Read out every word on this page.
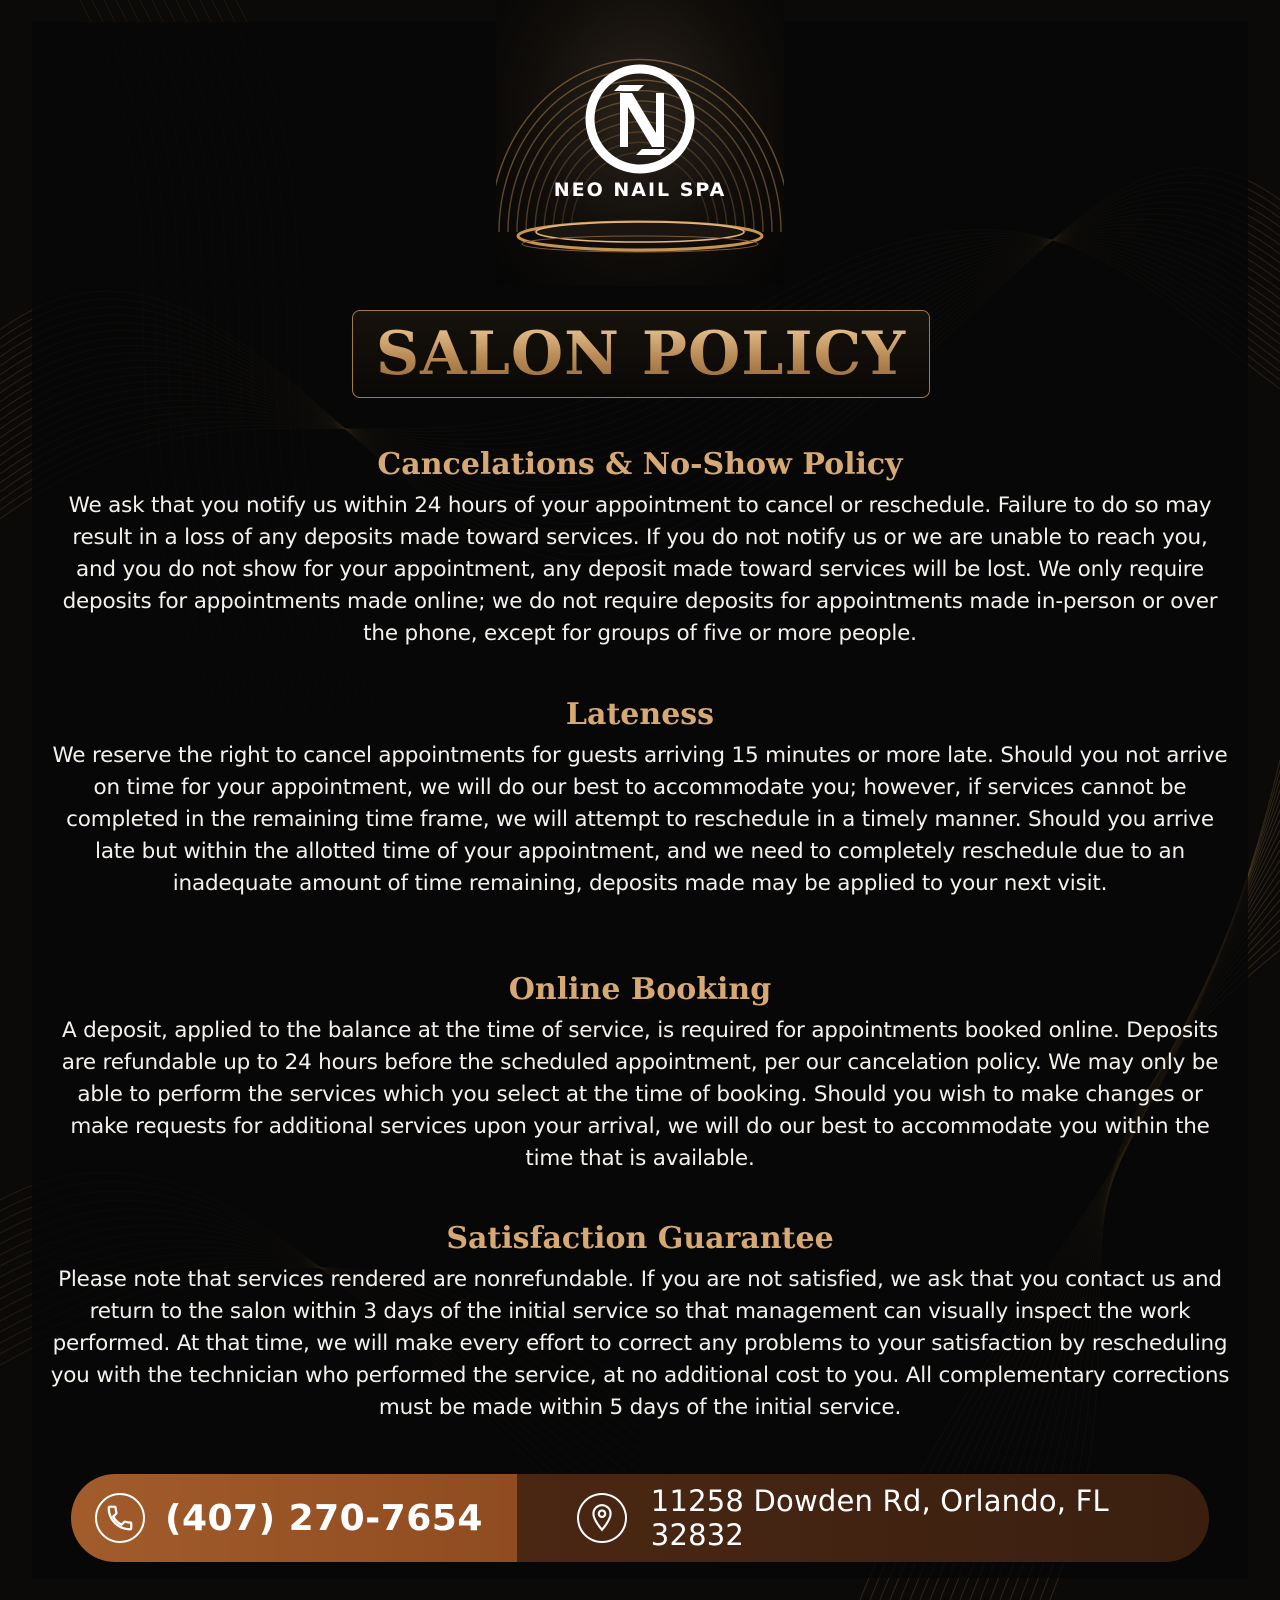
NEO NAIL SPA
SALON POLICY
Cancelations & No-Show Policy

We ask that you notify us within 24 hours of your appointment to cancel or reschedule. Failure to do so may result in a loss of any deposits made toward services. If you do not notify us or we are unable to reach you, and you do not show for your appointment, any deposit made toward services will be lost. We only require deposits for appointments made online; we do not require deposits for appointments made in-person or over the phone, except for groups of five or more people.

Lateness

We reserve the right to cancel appointments for guests arriving 15 minutes or more late. Should you not arrive on time for your appointment, we will do our best to accommodate you; however, if services cannot be completed in the remaining time frame, we will attempt to reschedule in a timely manner. Should you arrive late but within the allotted time of your appointment, and we need to completely reschedule due to an inadequate amount of time remaining, deposits made may be applied to your next visit.

Online Booking

A deposit, applied to the balance at the time of service, is required for appointments booked online. Deposits are refundable up to 24 hours before the scheduled appointment, per our cancelation policy. We may only be able to perform the services which you select at the time of booking. Should you wish to make changes or make requests for additional services upon your arrival, we will do our best to accommodate you within the time that is available.

Satisfaction Guarantee

Please note that services rendered are nonrefundable. If you are not satisfied, we ask that you contact us and return to the salon within 3 days of the initial service so that management can visually inspect the work performed. At that time, we will make every effort to correct any problems to your satisfaction by rescheduling you with the technician who performed the service, at no additional cost to you. All complementary corrections must be made within 5 days of the initial service.

(407) 270-7654	11258 Dowden Rd, Orlando, FL 32832
